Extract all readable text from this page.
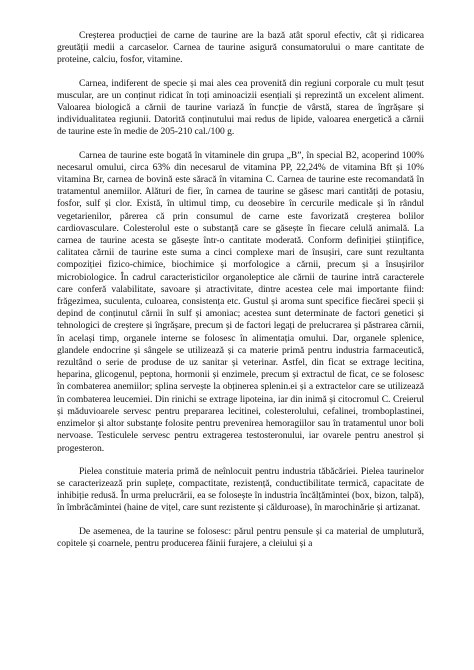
Creșterea producției de carne de taurine are la bază atât sporul efectiv, cât și ridicarea greutății medii a carcaselor. Carnea de taurine asigură consumatorului o mare cantitate de proteine, calciu, fosfor, vitamine.

Carnea, indiferent de specie și mai ales cea provenită din regiuni corporale cu mult țesut muscular, are un conținut ridicat în toți aminoacizii esențiali și reprezintă un excelent aliment. Valoarea biologică a cărnii de taurine variază în funcție de vârstă, starea de îngrășare și individualitatea regiunii. Datorită conținutului mai redus de lipide, valoarea energetică a cărnii de taurine este în medie de 205-210 cal./100 g.

Carnea de taurine este bogată în vitaminele din grupa „B”, în special B2, acoperind 100% necesarul omului, circa 63% din necesarul de vitamina PP, 22,24% de vitamina Bft și 10% vitamina Br, carnea de bovină este săracă în vitamina C. Carnea de taurine este recomandată în tratamentul anemiilor. Alături de fier, în carnea de taurine se găsesc mari cantități de potasiu, fosfor, sulf și clor. Există, în ultimul timp, cu deosebire în cercurile medicale și în rândul vegetarienilor, părerea că prin consumul de carne este favorizată creșterea bolilor cardiovasculare. Colesterolul este o substanță care se găsește în fiecare celulă animală. La carnea de taurine acesta se găsește într-o cantitate moderată. Conform definiției științifice, calitatea cărnii de taurine este suma a cinci complexe mari de însușiri, care sunt rezultanta compoziției fizico-chimice, biochimice și morfologice a cărnii, precum și a însușirilor microbiologice. În cadrul caracteristicilor organoleptice ale cărnii de taurine intră caracterele care conferă valabilitate, savoare și atractivitate, dintre acestea cele mai importante fiind: frăgezimea, suculenta, culoarea, consistența etc. Gustul și aroma sunt specifice fiecărei specii și depind de conținutul cărnii în sulf și amoniac; acestea sunt determinate de factori genetici și tehnologici de creștere și îngrășare, precum și de factori legați de prelucrarea și păstrarea cărnii, în același timp, organele interne se folosesc în alimentația omului. Dar, organele splenice, glandele endocrine și sângele se utilizează și ca materie primă pentru industria farmaceutică, rezultând o serie de produse de uz sanitar și veterinar. Astfel, din ficat se extrage lecitina, heparina, glicogenul, peptona, hormonii și enzimele, precum și extractul de ficat, ce se folosesc în combaterea anemiilor; splina servește la obținerea splenin.ei și a extractelor care se utilizează în combaterea leucemiei. Din rinichi se extrage lipoteina, iar din inimă și citocromul C. Creierul și măduvioarele servesc pentru prepararea lecitinei, colesterolului, cefalinei, tromboplastinei, enzimelor și altor substanțe folosite pentru prevenirea hemoragiilor sau în tratamentul unor boli nervoase. Testiculele servesc pentru extragerea testosteronului, iar ovarele pentru anestrol și progesteron.

Pielea constituie materia primă de neînlocuit pentru industria tăbăcăriei. Pielea taurinelor se caracterizează prin suplețe, compactitate, rezistență, conductibilitate termică, capacitate de inhibiție redusă. În urma prelucrării, ea se folosește în industria încălțămintei (box, bizon, talpă), în îmbrăcămintei (haine de vițel, care sunt rezistente și călduroase), în marochinărie și artizanat.

De asemenea, de la taurine se folosesc: părul pentru pensule și ca material de umplutură, copitele și coarnele, pentru producerea făinii furajere, a cleiului și a
